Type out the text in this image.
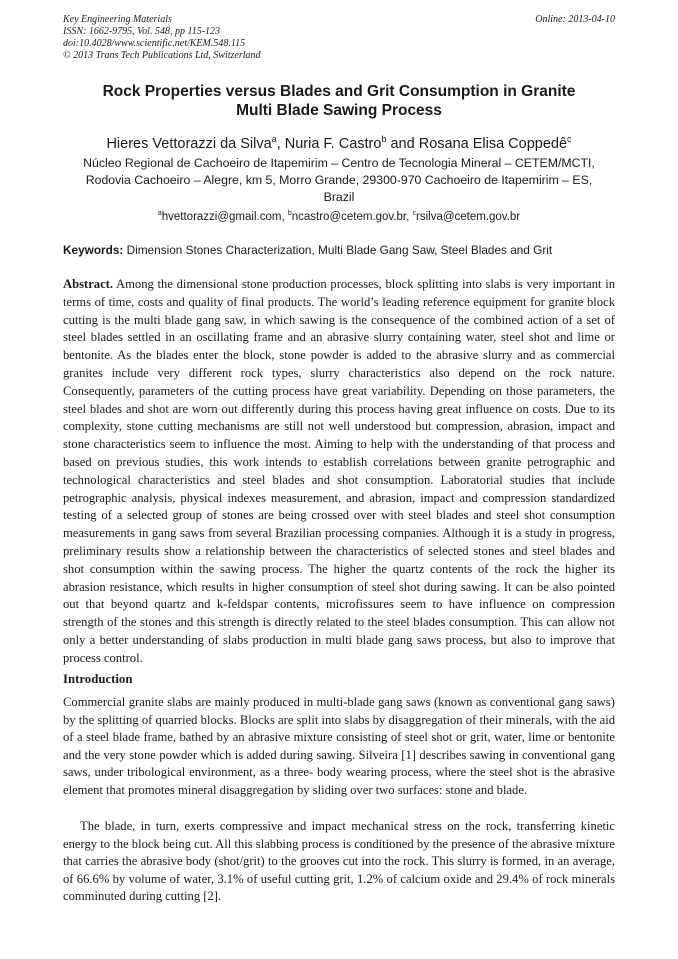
Key Engineering Materials
ISSN: 1662-9795, Vol. 548, pp 115-123
doi:10.4028/www.scientific.net/KEM.548.115
© 2013 Trans Tech Publications Ltd, Switzerland
Online: 2013-04-10
Rock Properties versus Blades and Grit Consumption in Granite
Multi Blade Sawing Process
Hieres Vettorazzi da Silva$^a$, Nuria F. Castro$^b$ and Rosana Elisa Coppedê$^c$
Núcleo Regional de Cachoeiro de Itapemirim – Centro de Tecnologia Mineral – CETEM/MCTI,
Rodovia Cachoeiro – Alegre, km 5, Morro Grande, 29300-970 Cachoeiro de Itapemirim – ES,
Brazil
$^a$hvettorazzi@gmail.com, $^b$ncastro@cetem.gov.br, $^c$rsilva@cetem.gov.br
Keywords: Dimension Stones Characterization, Multi Blade Gang Saw, Steel Blades and Grit
Abstract. Among the dimensional stone production processes, block splitting into slabs is very important in terms of time, costs and quality of final products. The world’s leading reference equipment for granite block cutting is the multi blade gang saw, in which sawing is the consequence of the combined action of a set of steel blades settled in an oscillating frame and an abrasive slurry containing water, steel shot and lime or bentonite. As the blades enter the block, stone powder is added to the abrasive slurry and as commercial granites include very different rock types, slurry characteristics also depend on the rock nature. Consequently, parameters of the cutting process have great variability. Depending on those parameters, the steel blades and shot are worn out differently during this process having great influence on costs. Due to its complexity, stone cutting mechanisms are still not well understood but compression, abrasion, impact and stone characteristics seem to influence the most. Aiming to help with the understanding of that process and based on previous studies, this work intends to establish correlations between granite petrographic and technological characteristics and steel blades and shot consumption. Laboratorial studies that include petrographic analysis, physical indexes measurement, and abrasion, impact and compression standardized testing of a selected group of stones are being crossed over with steel blades and steel shot consumption measurements in gang saws from several Brazilian processing companies. Although it is a study in progress, preliminary results show a relationship between the characteristics of selected stones and steel blades and shot consumption within the sawing process. The higher the quartz contents of the rock the higher its abrasion resistance, which results in higher consumption of steel shot during sawing. It can be also pointed out that beyond quartz and k-feldspar contents, microfissures seem to have influence on compression strength of the stones and this strength is directly related to the steel blades consumption. This can allow not only a better understanding of slabs production in multi blade gang saws process, but also to improve that process control.
Introduction
Commercial granite slabs are mainly produced in multi-blade gang saws (known as conventional gang saws) by the splitting of quarried blocks. Blocks are split into slabs by disaggregation of their minerals, with the aid of a steel blade frame, bathed by an abrasive mixture consisting of steel shot or grit, water, lime or bentonite and the very stone powder which is added during sawing. Silveira [1] describes sawing in conventional gang saws, under tribological environment, as a three- body wearing process, where the steel shot is the abrasive element that promotes mineral disaggregation by sliding over two surfaces: stone and blade.
The blade, in turn, exerts compressive and impact mechanical stress on the rock, transferring kinetic energy to the block being cut. All this slabbing process is conditioned by the presence of the abrasive mixture that carries the abrasive body (shot/grit) to the grooves cut into the rock. This slurry is formed, in an average, of 66.6% by volume of water, 3.1% of useful cutting grit, 1.2% of calcium oxide and 29.4% of rock minerals comminuted during cutting [2].
